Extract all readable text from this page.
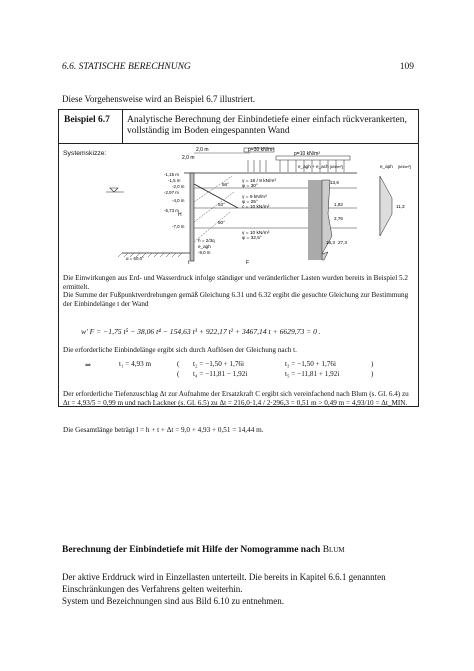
6.6. STATISCHE BERECHNUNG	109
Diese Vorgehensweise wird an Beispiel 6.7 illustriert.
Beispiel 6.7 Analytische Berechnung der Einbindetiefe einer einfach rückverankerten, vollständig im Boden eingespannten Wand
Systemskizze:	2,0 m
2,0 m
p=30 kN/m²
p=10 kN/m²
-1,15 m
-1,5 m
-2,0 m
-2,97 m
-4,0 m
-5,73 m
-7,0 m
-9,0 m
γ = 18 / 8 kN/m³
φ = 30°
γ = 9 kN/m³
φ = 25°
c = 10 kN/m²
γ = 10 kN/m³
φ = 32,5°
56°
53°
50°
H
h = 2/3q
t	F
e_agh
α = 60,0°
e_agh + e_ach [kN/m²]
13,6
1,82
2,76
18,3 27,3
e_aph [kN/m²]
11,3
Die Einwirkungen aus Erd- und Wasserdruck infolge ständiger und veränderlicher Lasten wurden bereits in Beispiel 5.2 ermittelt.
Die Summe der Fußpunktverdrehungen gemäß Gleichung 6.31 und 6.32 ergibt die gesuchte Gleichung zur Bestimmung der Einbindelänge t der Wand
w' F = −1,75 t⁵ − 38,06 t⁴ − 154,63 t³ + 922,17 t² + 3467,14 t + 6629,73 = 0 .
Die erforderliche Einbindelänge ergibt sich durch Auflösen der Gleichung nach t.
⇒	t₁ = 4,93 m	( t₂ = −1,50 + 1,76i	t₃ = −1,50 + 1,76i	)
( t₄ = −11,81 − 1,92i	t₅ = −11,81 + 1,92i	)
Der erforderliche Tiefenzuschlag Δt zur Aufnahme der Ersatzkraft C ergibt sich vereinfachend nach Blum (s. Gl. 6.4) zu Δt = 4,93/5 = 0,99 m und nach Lackner (s. Gl. 6.5) zu Δt = 216,0·1,4 / 2·296,3 = 0,51 m > 0,49 m = 4,93/10 = Δt_MIN.
Die Gesamtlänge beträgt l = h + t + Δt = 9,0 + 4,93 + 0,51 = 14,44 m.
Berechnung der Einbindetiefe mit Hilfe der Nomogramme nach Blum
Der aktive Erddruck wird in Einzellasten unterteilt. Die bereits in Kapitel 6.6.1 genannten Einschränkungen des Verfahrens gelten weiterhin.
System und Bezeichnungen sind aus Bild 6.10 zu entnehmen.
